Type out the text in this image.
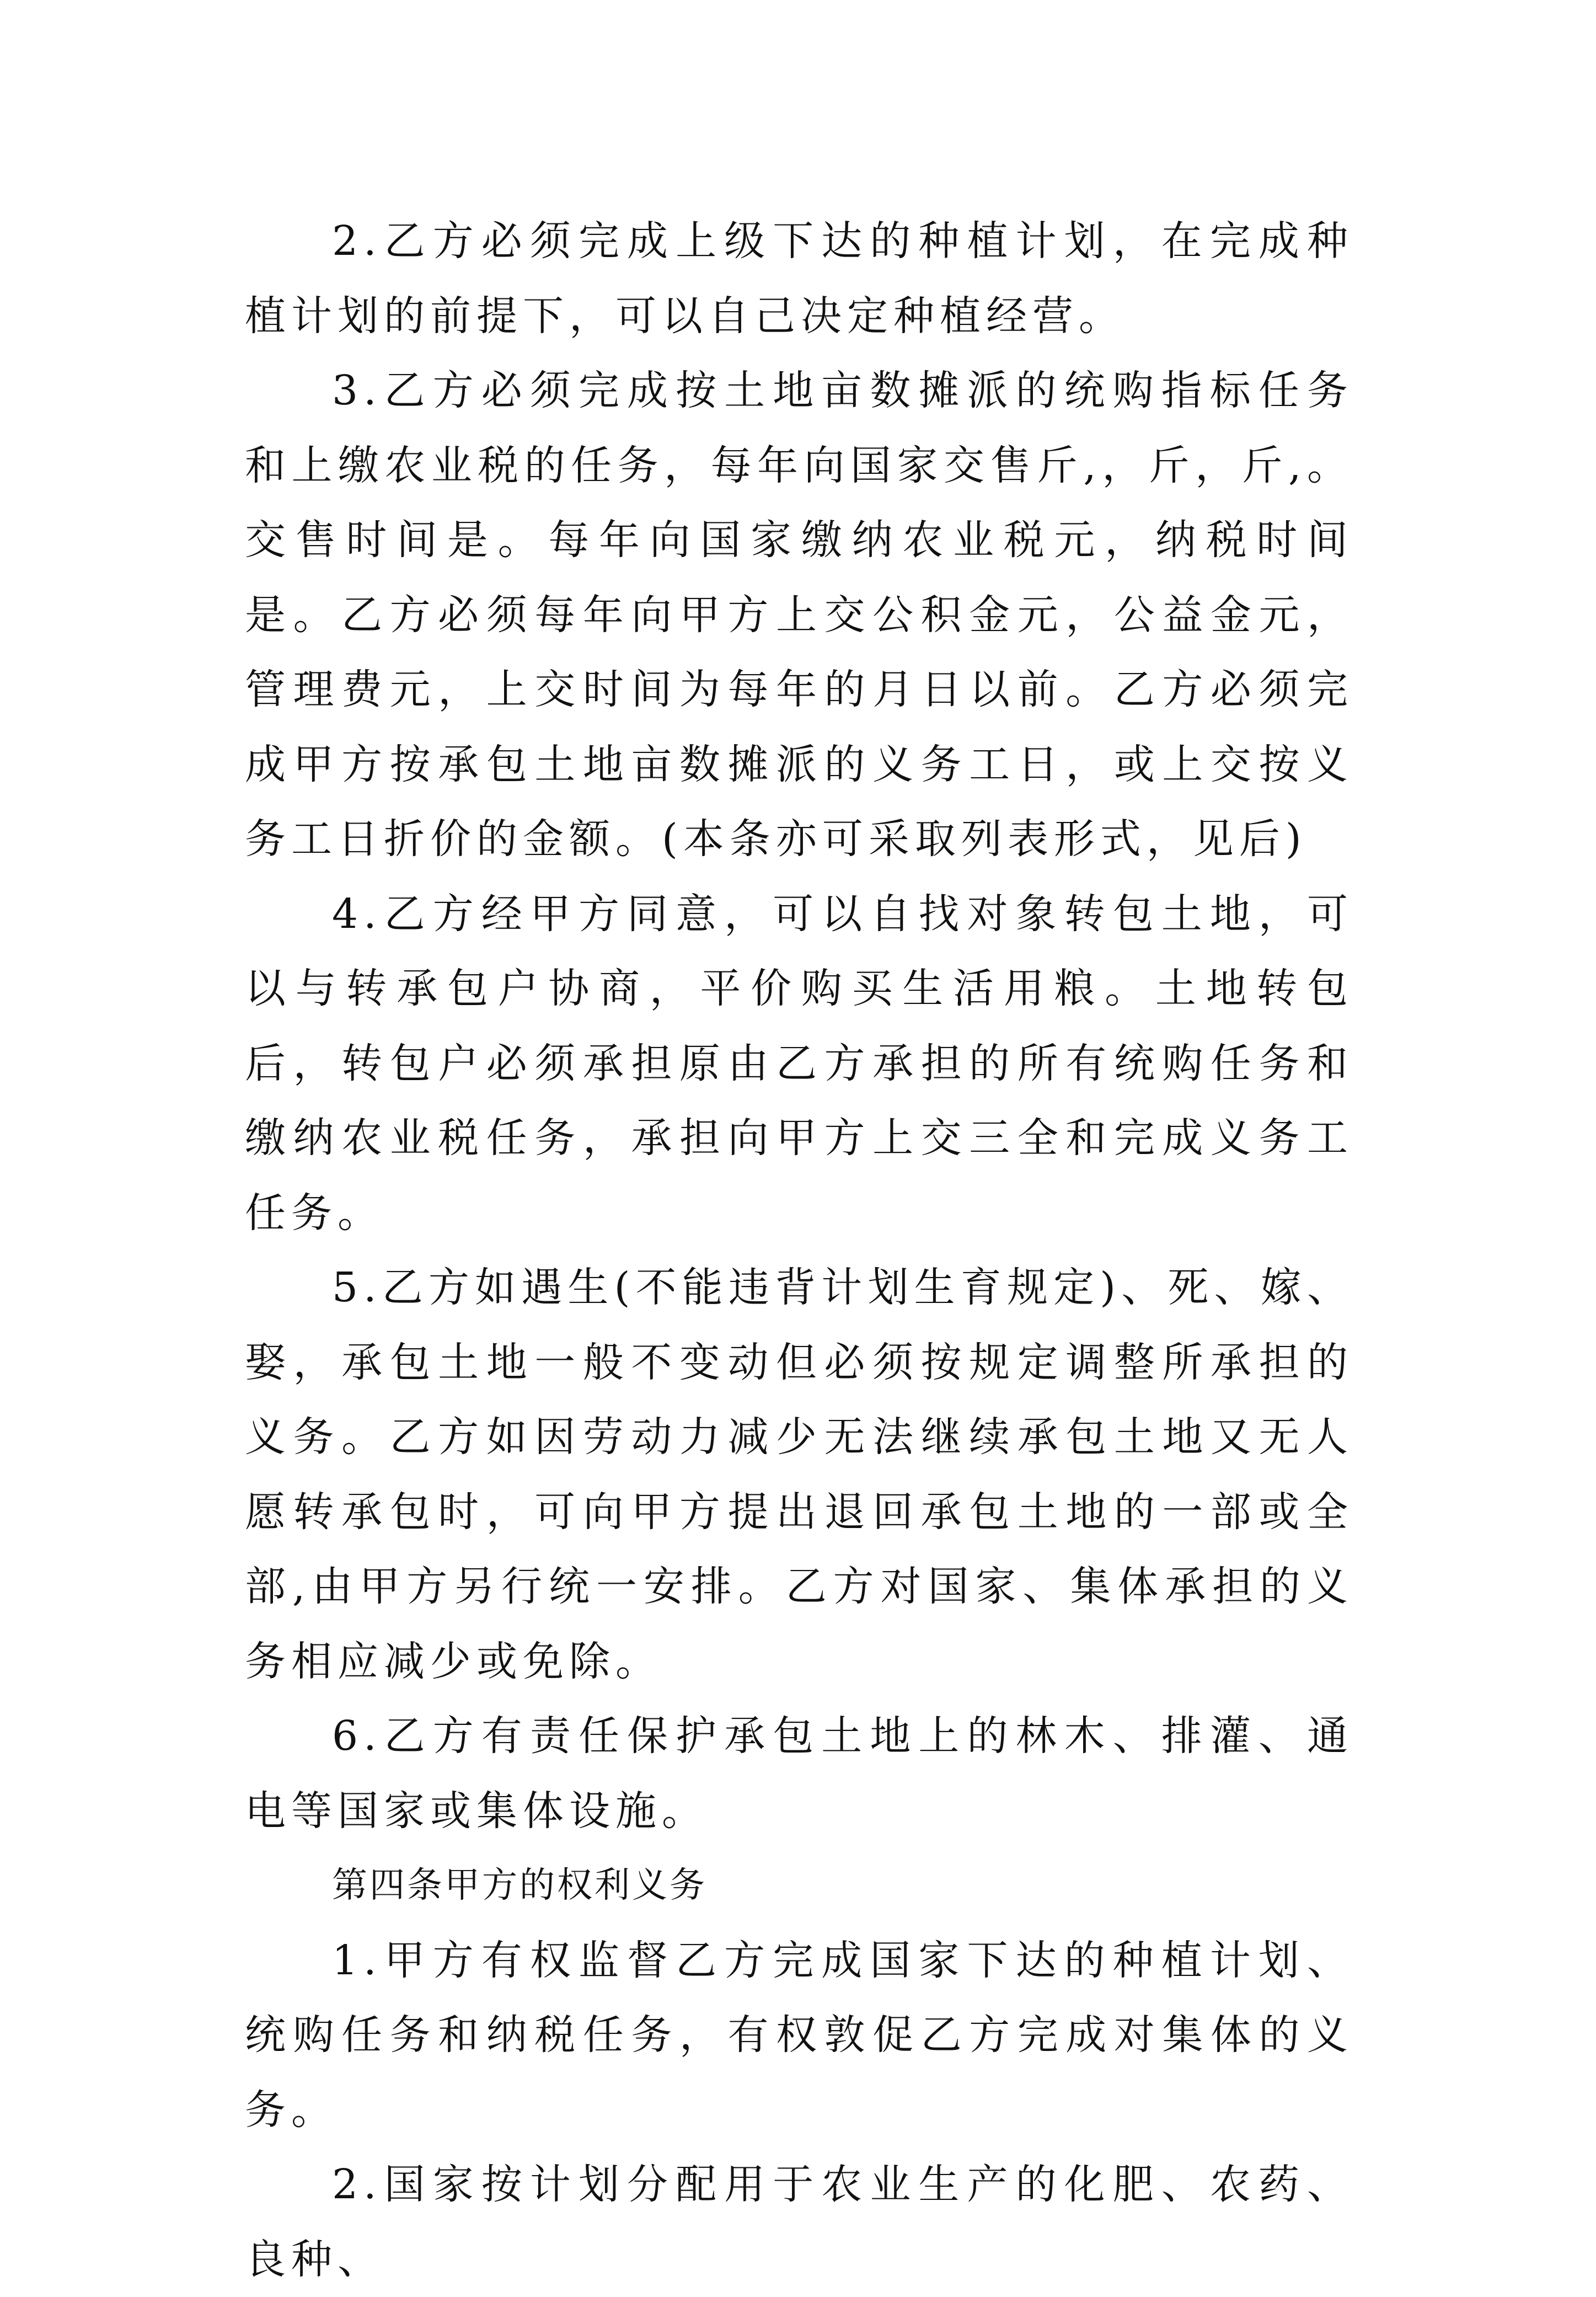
2.乙方必须完成上级下达的种植计划，在完成种植计划的前提下，可以自己决定种植经营。

3.乙方必须完成按土地亩数摊派的统购指标任务和上缴农业税的任务，每年向国家交售斤,，斤，斤,。交售时间是。每年向国家缴纳农业税元，纳税时间是。乙方必须每年向甲方上交公积金元，公益金元，管理费元，上交时间为每年的月日以前。乙方必须完成甲方按承包土地亩数摊派的义务工日，或上交按义务工日折价的金额。(本条亦可采取列表形式，见后)

4.乙方经甲方同意，可以自找对象转包土地，可以与转承包户协商，平价购买生活用粮。土地转包后，转包户必须承担原由乙方承担的所有统购任务和缴纳农业税任务，承担向甲方上交三全和完成义务工任务。

5.乙方如遇生(不能违背计划生育规定)、死、嫁、娶，承包土地一般不变动但必须按规定调整所承担的义务。乙方如因劳动力减少无法继续承包土地又无人愿转承包时，可向甲方提出退回承包土地的一部或全部,由甲方另行统一安排。乙方对国家、集体承担的义务相应减少或免除。

6.乙方有责任保护承包土地上的林木、排灌、通电等国家或集体设施。

第四条甲方的权利义务

1.甲方有权监督乙方完成国家下达的种植计划、统购任务和纳税任务，有权敦促乙方完成对集体的义务。

2.国家按计划分配用于农业生产的化肥、农药、良种、
